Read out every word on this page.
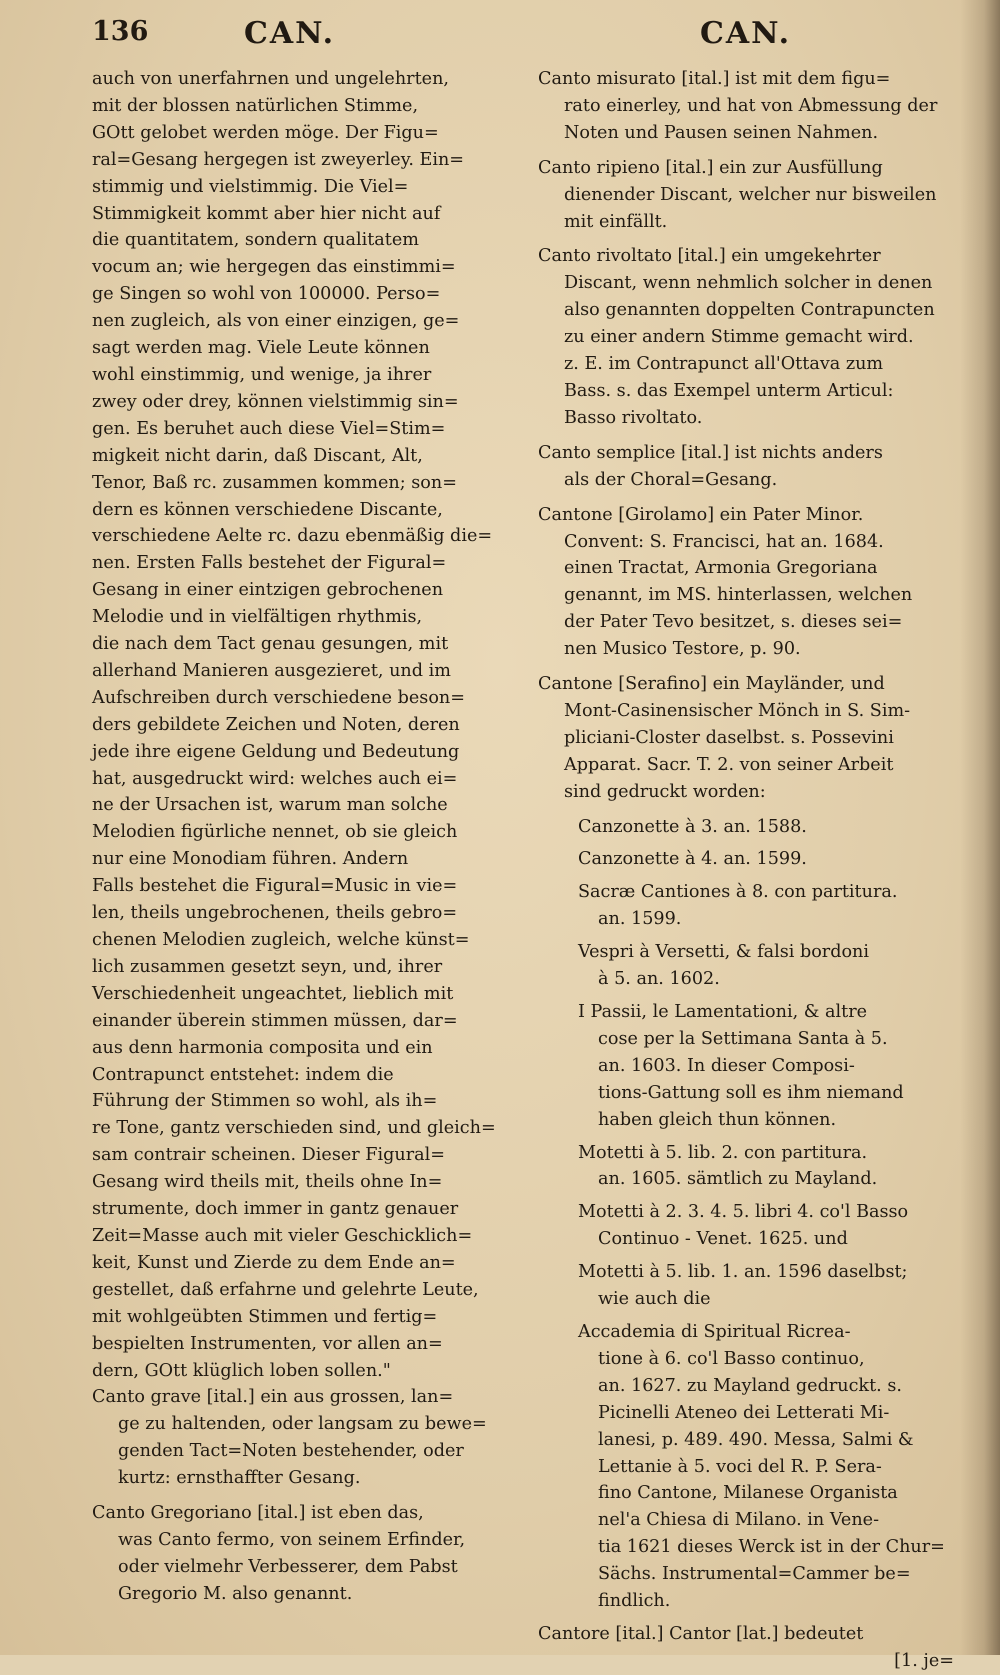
136	CAN.	CAN.
auch von unerfahrnen und ungelehrten,
mit der blossen natürlichen Stimme,
GOtt gelobet werden möge. Der Figu=
ral=Gesang hergegen ist zweyerley. Ein=
stimmig und vielstimmig. Die Viel=
Stimmigkeit kommt aber hier nicht auf
die quantitatem, sondern qualitatem
vocum an; wie hergegen das einstimmi=
ge Singen so wohl von 100000. Perso=
nen zugleich, als von einer einzigen, ge=
sagt werden mag. Viele Leute können
wohl einstimmig, und wenige, ja ihrer
zwey oder drey, können vielstimmig sin=
gen. Es beruhet auch diese Viel=Stim=
migkeit nicht darin, daß Discant, Alt,
Tenor, Baß rc. zusammen kommen; son=
dern es können verschiedene Discante,
verschiedene Aelte rc. dazu ebenmäßig die=
nen. Ersten Falls bestehet der Figural=
Gesang in einer eintzigen gebrochenen
Melodie und in vielfältigen rhythmis,
die nach dem Tact genau gesungen, mit
allerhand Manieren ausgezieret, und im
Aufschreiben durch verschiedene beson=
ders gebildete Zeichen und Noten, deren
jede ihre eigene Geldung und Bedeutung
hat, ausgedruckt wird: welches auch ei=
ne der Ursachen ist, warum man solche
Melodien figürliche nennet, ob sie gleich
nur eine Monodiam führen. Andern
Falls bestehet die Figural=Music in vie=
len, theils ungebrochenen, theils gebro=
chenen Melodien zugleich, welche künst=
lich zusammen gesetzt seyn, und, ihrer
Verschiedenheit ungeachtet, lieblich mit
einander überein stimmen müssen, dar=
aus denn harmonia composita und ein
Contrapunct entstehet: indem die
Führung der Stimmen so wohl, als ih=
re Tone, gantz verschieden sind, und gleich=
sam contrair scheinen. Dieser Figural=
Gesang wird theils mit, theils ohne In=
strumente, doch immer in gantz genauer
Zeit=Masse auch mit vieler Geschicklich=
keit, Kunst und Zierde zu dem Ende an=
gestellet, daß erfahrne und gelehrte Leute,
mit wohlgeübten Stimmen und fertig=
bespielten Instrumenten, vor allen an=
dern, GOtt klüglich loben sollen."
Canto grave [ital.] ein aus grossen, lan=
ge zu haltenden, oder langsam zu bewe=
genden Tact=Noten bestehender, oder
kurtz: ernsthaffter Gesang.
Canto Gregoriano [ital.] ist eben das,
was Canto fermo, von seinem Erfinder,
oder vielmehr Verbesserer, dem Pabst
Gregorio M. also genannt.
Canto misurato [ital.] ist mit dem figu=
rato einerley, und hat von Abmessung der
Noten und Pausen seinen Nahmen.
Canto ripieno [ital.] ein zur Ausfüllung
dienender Discant, welcher nur bisweilen
mit einfällt.
Canto rivoltato [ital.] ein umgekehrter
Discant, wenn nehmlich solcher in denen
also genannten doppelten Contrapuncten
zu einer andern Stimme gemacht wird.
z. E. im Contrapunct all'Ottava zum
Bass. s. das Exempel unterm Articul:
Basso rivoltato.
Canto semplice [ital.] ist nichts anders
als der Choral=Gesang.
Cantone [Girolamo] ein Pater Minor.
Convent: S. Francisci, hat an. 1684.
einen Tractat, Armonia Gregoriana
genannt, im MS. hinterlassen, welchen
der Pater Tevo besitzet, s. dieses sei=
nen Musico Testore, p. 90.
Cantone [Serafino] ein Mayländer, und
Mont-Casinensischer Mönch in S. Sim-
pliciani-Closter daselbst. s. Possevini
Apparat. Sacr. T. 2. von seiner Arbeit
sind gedruckt worden:
Canzonette à 3. an. 1588.
Canzonette à 4. an. 1599.
Sacræ Cantiones à 8. con partitura.
an. 1599.
Vespri à Versetti, & falsi bordoni
à 5. an. 1602.
I Passii, le Lamentationi, & altre
cose per la Settimana Santa à 5.
an. 1603. In dieser Composi-
tions-Gattung soll es ihm niemand
haben gleich thun können.
Motetti à 5. lib. 2. con partitura.
an. 1605. sämtlich zu Mayland.
Motetti à 2. 3. 4. 5. libri 4. co'l Basso
Continuo - Venet. 1625. und
Motetti à 5. lib. 1. an. 1596 daselbst;
wie auch die
Accademia di Spiritual Ricrea-
tione à 6. co'l Basso continuo,
an. 1627. zu Mayland gedruckt. s.
Picinelli Ateneo dei Letterati Mi-
lanesi, p. 489. 490. Messa, Salmi &
Lettanie à 5. voci del R. P. Sera-
fino Cantone, Milanese Organista
nel'a Chiesa di Milano. in Vene-
tia 1621 dieses Werck ist in der Chur=
Sächs. Instrumental=Cammer be=
findlich.
Cantore [ital.] Cantor [lat.] bedeutet
[1. je=
